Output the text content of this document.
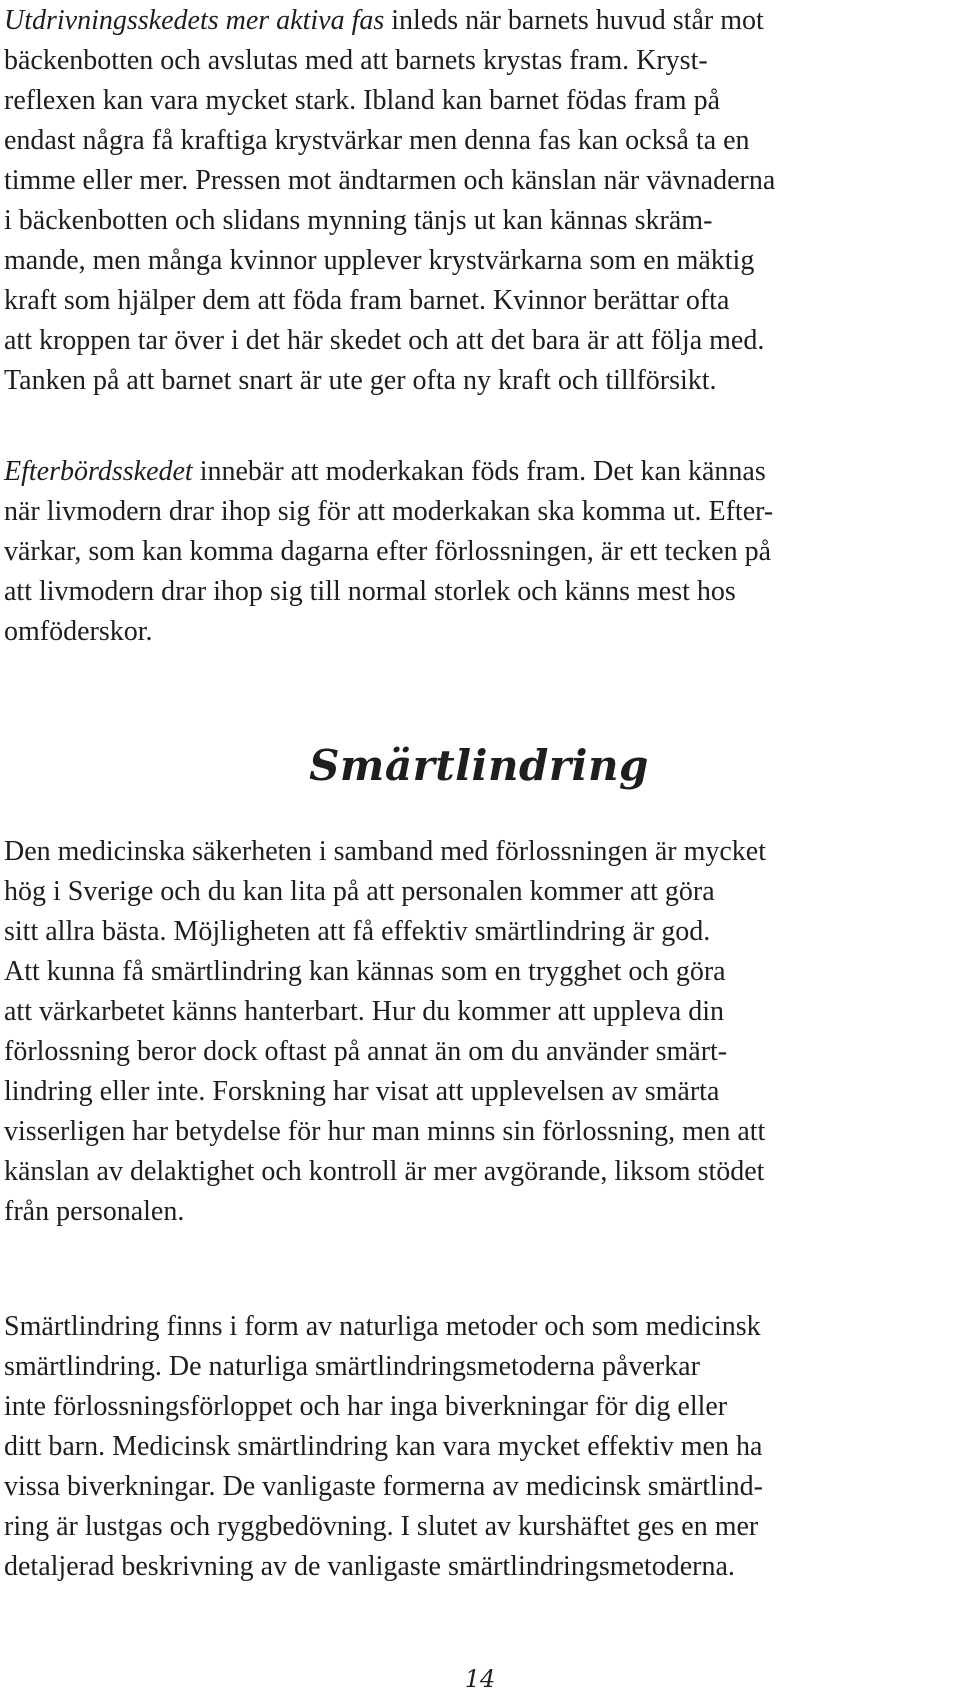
Utdrivningsskedets mer aktiva fas inleds när barnets huvud står mot
bäckenbotten och avslutas med att barnets krystas fram. Kryst-
reflexen kan vara mycket stark. Ibland kan barnet födas fram på
endast några få kraftiga krystvärkar men denna fas kan också ta en
timme eller mer. Pressen mot ändtarmen och känslan när vävnaderna
i bäckenbotten och slidans mynning tänjs ut kan kännas skräm-
mande, men många kvinnor upplever krystvärkarna som en mäktig
kraft som hjälper dem att föda fram barnet. Kvinnor berättar ofta
att kroppen tar över i det här skedet och att det bara är att följa med.
Tanken på att barnet snart är ute ger ofta ny kraft och tillförsikt.

Efterbördsskedet innebär att moderkakan föds fram. Det kan kännas
när livmodern drar ihop sig för att moderkakan ska komma ut. Efter-
värkar, som kan komma dagarna efter förlossningen, är ett tecken på
att livmodern drar ihop sig till normal storlek och känns mest hos
omföderskor.

Smärtlindring

Den medicinska säkerheten i samband med förlossningen är mycket
hög i Sverige och du kan lita på att personalen kommer att göra
sitt allra bästa. Möjligheten att få effektiv smärtlindring är god.
Att kunna få smärtlindring kan kännas som en trygghet och göra
att värkarbetet känns hanterbart. Hur du kommer att uppleva din
förlossning beror dock oftast på annat än om du använder smärt-
lindring eller inte. Forskning har visat att upplevelsen av smärta
visserligen har betydelse för hur man minns sin förlossning, men att
känslan av delaktighet och kontroll är mer avgörande, liksom stödet
från personalen.

Smärtlindring finns i form av naturliga metoder och som medicinsk
smärtlindring. De naturliga smärtlindringsmetoderna påverkar
inte förlossningsförloppet och har inga biverkningar för dig eller
ditt barn. Medicinsk smärtlindring kan vara mycket effektiv men ha
vissa biverkningar. De vanligaste formerna av medicinsk smärtlind-
ring är lustgas och ryggbedövning. I slutet av kurshäftet ges en mer
detaljerad beskrivning av de vanligaste smärtlindringsmetoderna.

14
